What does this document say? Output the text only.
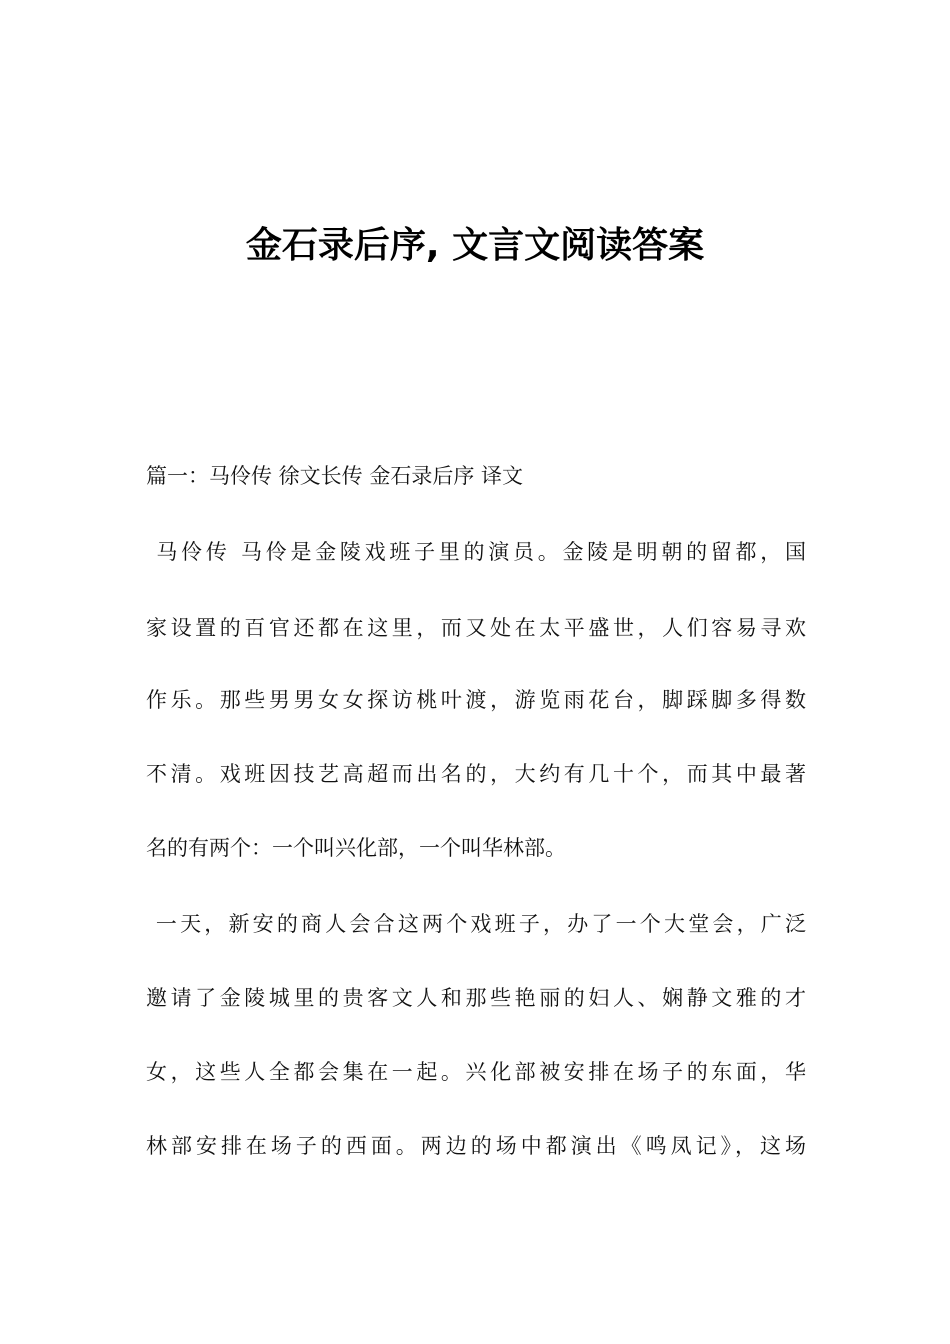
金石录后序, 文言文阅读答案
篇一：马伶传 徐文长传 金石录后序 译文
马伶传 马伶是金陵戏班子里的演员。金陵是明朝的留都，国
家设置的百官还都在这里，而又处在太平盛世，人们容易寻欢
作乐。那些男男女女探访桃叶渡，游览雨花台，脚踩脚多得数
不清。戏班因技艺高超而出名的，大约有几十个，而其中最著
名的有两个：一个叫兴化部，一个叫华林部。
一天，新安的商人会合这两个戏班子，办了一个大堂会，广泛
邀请了金陵城里的贵客文人和那些艳丽的妇人、娴静文雅的才
女，这些人全都会集在一起。兴化部被安排在场子的东面，华
林部安排在场子的西面。两边的场中都演出《鸣凤记》，这场
